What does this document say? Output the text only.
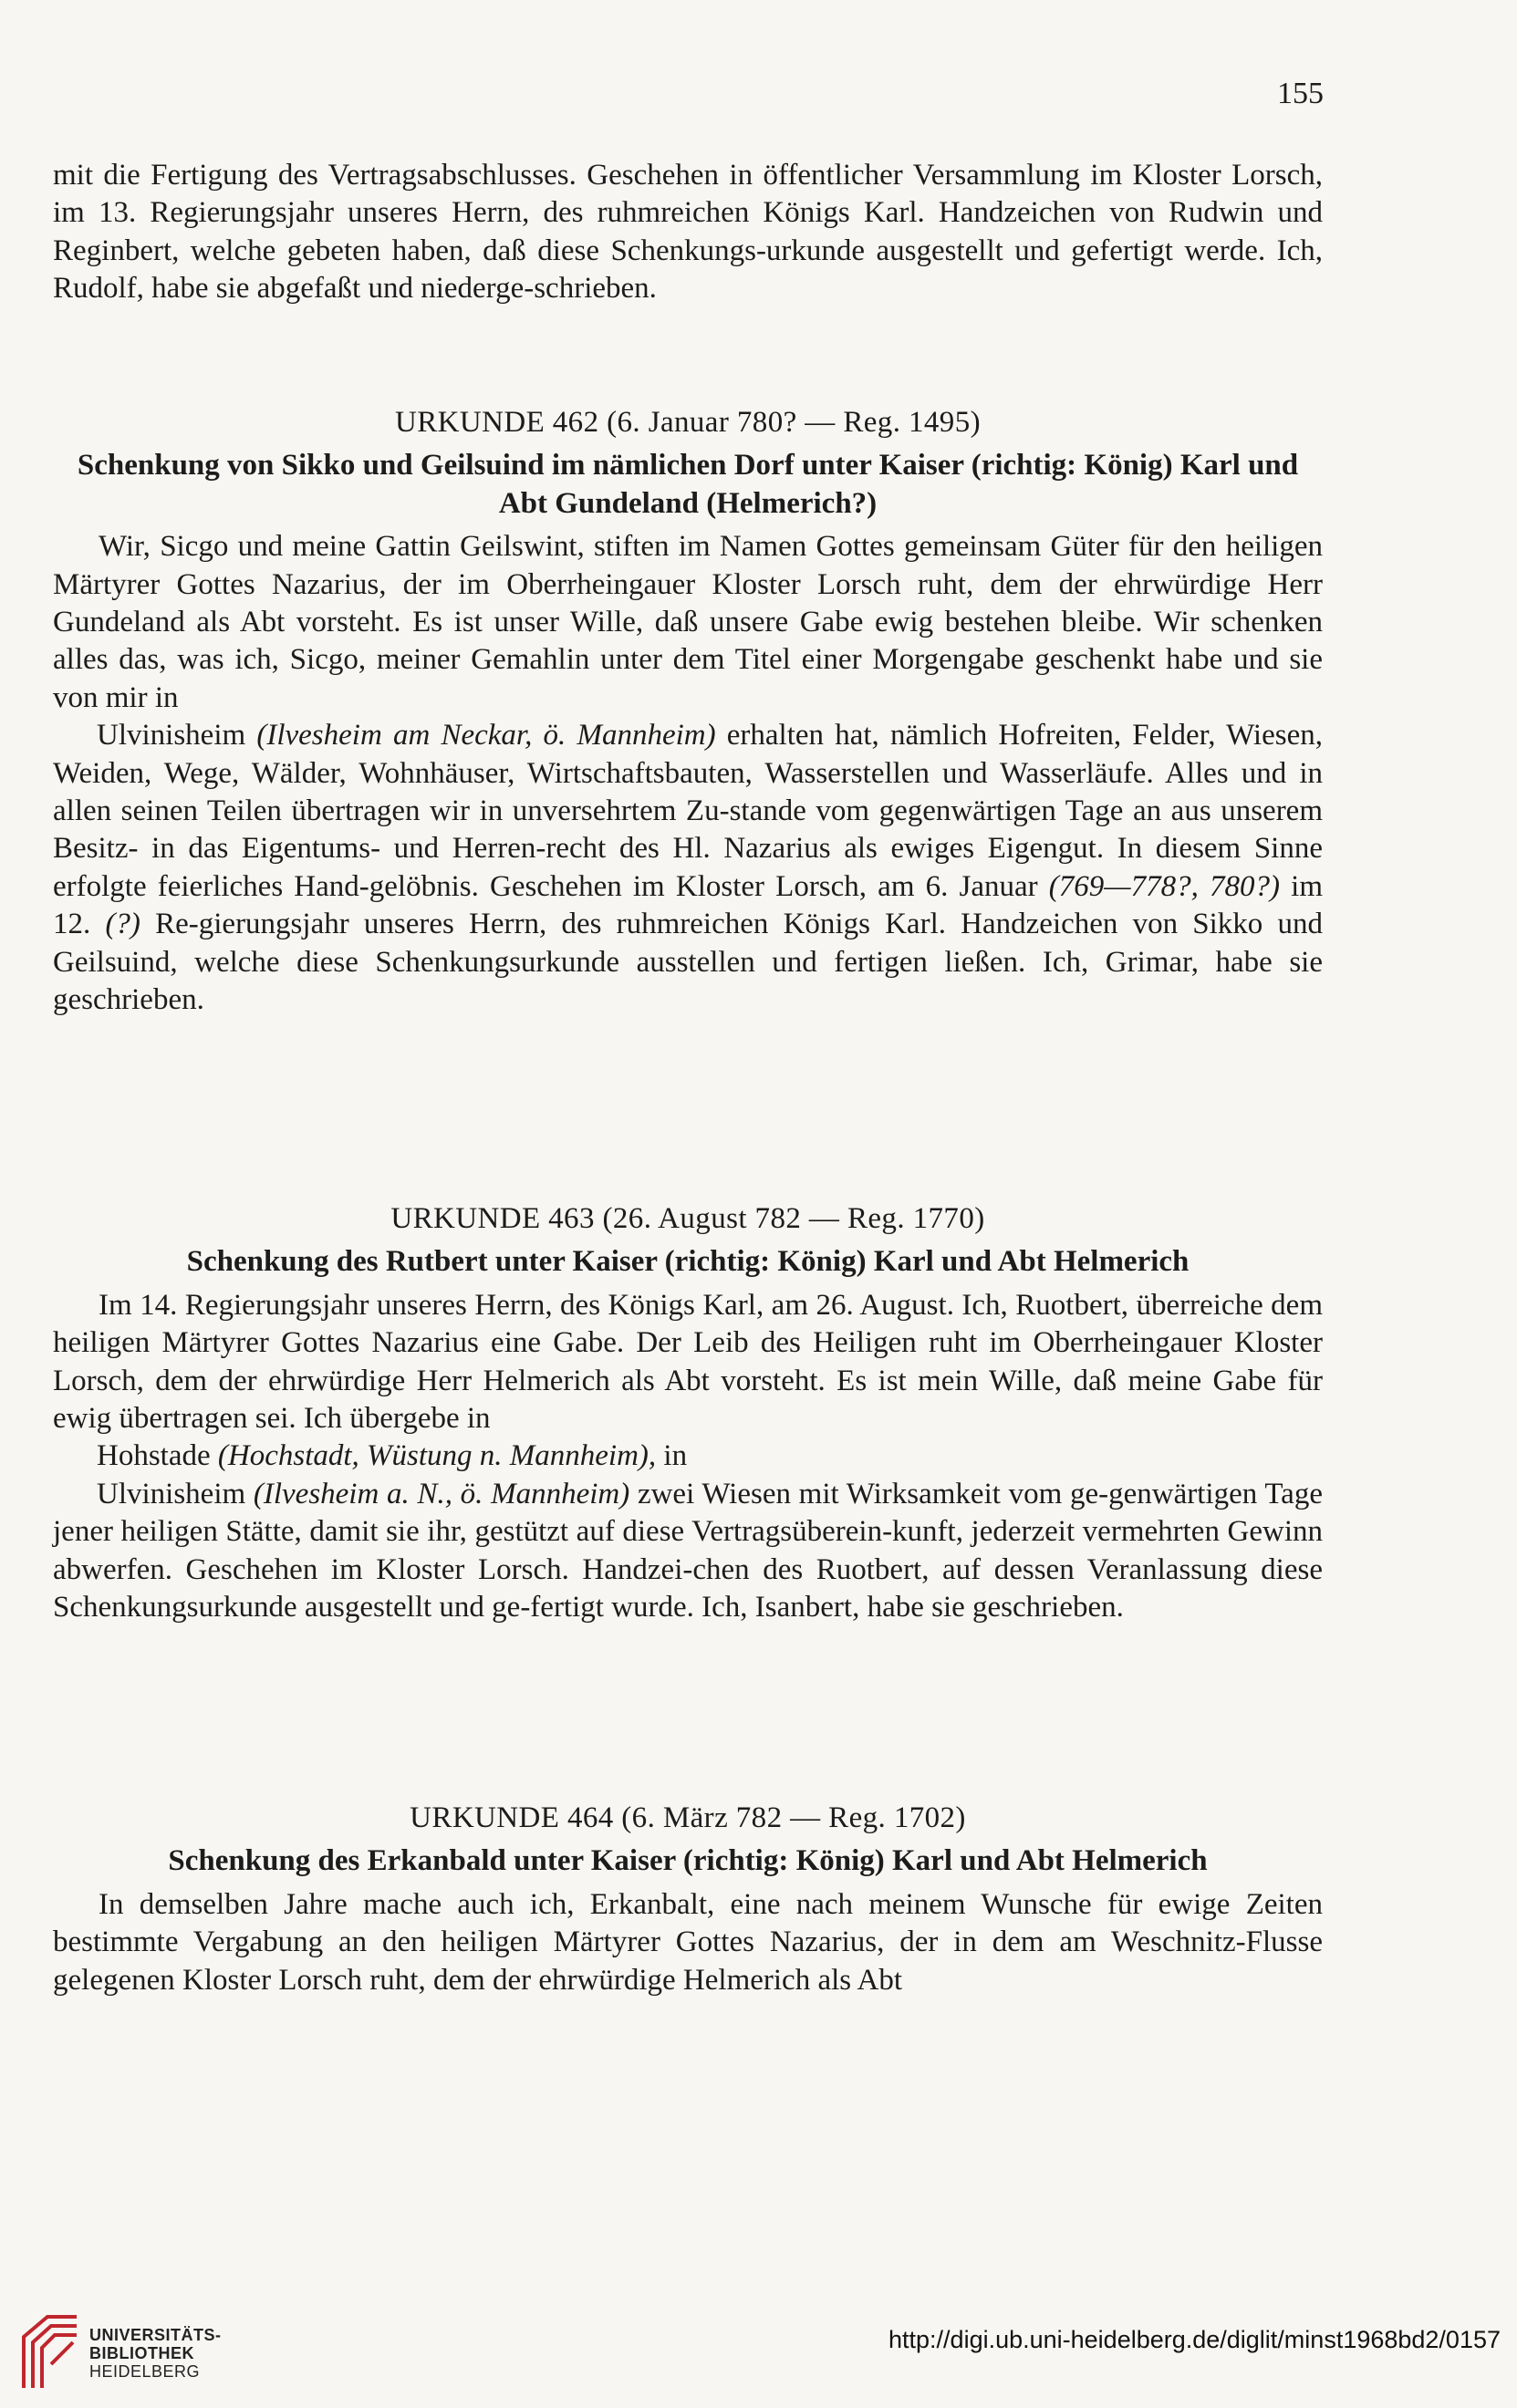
155

mit die Fertigung des Vertragsabschlusses. Geschehen in öffentlicher Versammlung im Kloster Lorsch, im 13. Regierungsjahr unseres Herrn, des ruhmreichen Königs Karl. Handzeichen von Rudwin und Reginbert, welche gebeten haben, daß diese Schenkungs-urkunde ausgestellt und gefertigt werde. Ich, Rudolf, habe sie abgefaßt und niederge-schrieben.

URKUNDE 462 (6. Januar 780? — Reg. 1495)

Schenkung von Sikko und Geilsuind im nämlichen Dorf unter Kaiser (richtig: König) Karl und Abt Gundeland (Helmerich?)

Wir, Sicgo und meine Gattin Geilswint, stiften im Namen Gottes gemeinsam Güter für den heiligen Märtyrer Gottes Nazarius, der im Oberrheingauer Kloster Lorsch ruht, dem der ehrwürdige Herr Gundeland als Abt vorsteht. Es ist unser Wille, daß unsere Gabe ewig bestehen bleibe. Wir schenken alles das, was ich, Sicgo, meiner Gemahlin unter dem Titel einer Morgengabe geschenkt habe und sie von mir in

Ulvinisheim (Ilvesheim am Neckar, ö. Mannheim) erhalten hat, nämlich Hofreiten, Felder, Wiesen, Weiden, Wege, Wälder, Wohnhäuser, Wirtschaftsbauten, Wasserstellen und Wasserläufe. Alles und in allen seinen Teilen übertragen wir in unversehrtem Zu-stande vom gegenwärtigen Tage an aus unserem Besitz- in das Eigentums- und Herren-recht des Hl. Nazarius als ewiges Eigengut. In diesem Sinne erfolgte feierliches Hand-gelöbnis. Geschehen im Kloster Lorsch, am 6. Januar (769—778?, 780?) im 12. (?) Re-gierungsjahr unseres Herrn, des ruhmreichen Königs Karl. Handzeichen von Sikko und Geilsuind, welche diese Schenkungsurkunde ausstellen und fertigen ließen. Ich, Grimar, habe sie geschrieben.

URKUNDE 463 (26. August 782 — Reg. 1770)

Schenkung des Rutbert unter Kaiser (richtig: König) Karl und Abt Helmerich

Im 14. Regierungsjahr unseres Herrn, des Königs Karl, am 26. August. Ich, Ruotbert, überreiche dem heiligen Märtyrer Gottes Nazarius eine Gabe. Der Leib des Heiligen ruht im Oberrheingauer Kloster Lorsch, dem der ehrwürdige Herr Helmerich als Abt vorsteht. Es ist mein Wille, daß meine Gabe für ewig übertragen sei. Ich übergebe in

Hohstade (Hochstadt, Wüstung n. Mannheim), in

Ulvinisheim (Ilvesheim a. N., ö. Mannheim) zwei Wiesen mit Wirksamkeit vom ge-genwärtigen Tage jener heiligen Stätte, damit sie ihr, gestützt auf diese Vertragsüberein-kunft, jederzeit vermehrten Gewinn abwerfen. Geschehen im Kloster Lorsch. Handzei-chen des Ruotbert, auf dessen Veranlassung diese Schenkungsurkunde ausgestellt und ge-fertigt wurde. Ich, Isanbert, habe sie geschrieben.

URKUNDE 464 (6. März 782 — Reg. 1702)

Schenkung des Erkanbald unter Kaiser (richtig: König) Karl und Abt Helmerich

In demselben Jahre mache auch ich, Erkanbalt, eine nach meinem Wunsche für ewige Zeiten bestimmte Vergabung an den heiligen Märtyrer Gottes Nazarius, der in dem am Weschnitz-Flusse gelegenen Kloster Lorsch ruht, dem der ehrwürdige Helmerich als Abt

UNIVERSITÄTS-
BIBLIOTHEK
HEIDELBERG
http://digi.ub.uni-heidelberg.de/diglit/minst1968bd2/0157
